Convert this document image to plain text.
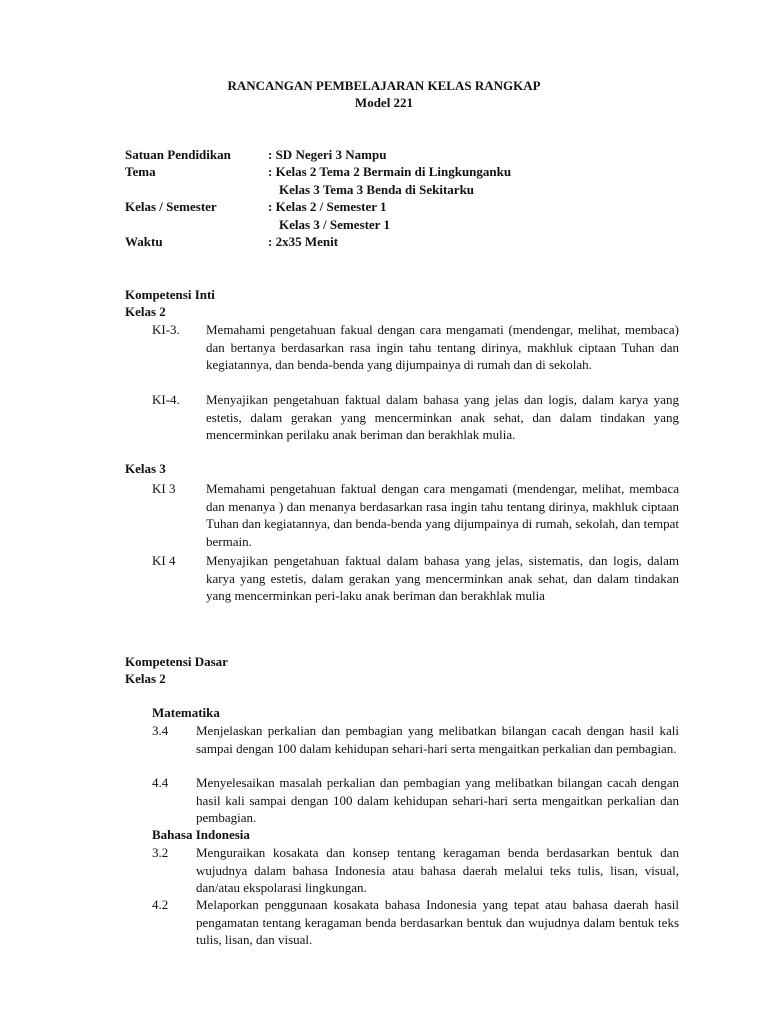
RANCANGAN PEMBELAJARAN KELAS RANGKAP
Model 221
Satuan Pendidikan	: SD Negeri 3 Nampu
Tema	: Kelas 2 Tema 2 Bermain di Lingkunganku
Kelas 3 Tema 3 Benda di Sekitarku
Kelas / Semester	: Kelas 2 / Semester 1
Kelas 3 / Semester 1
Waktu	: 2x35 Menit
Kompetensi Inti
Kelas 2
KI-3. Memahami pengetahuan fakual dengan cara mengamati (mendengar, melihat, membaca) dan bertanya berdasarkan rasa ingin tahu tentang dirinya, makhluk ciptaan Tuhan dan kegiatannya, dan benda-benda yang dijumpainya di rumah dan di sekolah.
KI-4. Menyajikan pengetahuan faktual dalam bahasa yang jelas dan logis, dalam karya yang estetis, dalam gerakan yang mencerminkan anak sehat, dan dalam tindakan yang mencerminkan perilaku anak beriman dan berakhlak mulia.
Kelas 3
KI 3 Memahami pengetahuan faktual dengan cara mengamati (mendengar, melihat, membaca dan menanya ) dan menanya berdasarkan rasa ingin tahu tentang dirinya, makhluk ciptaan Tuhan dan kegiatannya, dan benda-benda yang dijumpainya di rumah, sekolah, dan tempat bermain.
KI 4 Menyajikan pengetahuan faktual dalam bahasa yang jelas, sistematis, dan logis, dalam karya yang estetis, dalam gerakan yang mencerminkan anak sehat, dan dalam tindakan yang mencerminkan peri-laku anak beriman dan berakhlak mulia
Kompetensi Dasar
Kelas 2
Matematika
3.4 Menjelaskan perkalian dan pembagian yang melibatkan bilangan cacah dengan hasil kali sampai dengan 100 dalam kehidupan sehari-hari serta mengaitkan perkalian dan pembagian.
4.4 Menyelesaikan masalah perkalian dan pembagian yang melibatkan bilangan cacah dengan hasil kali sampai dengan 100 dalam kehidupan sehari-hari serta mengaitkan perkalian dan pembagian.
Bahasa Indonesia
3.2 Menguraikan kosakata dan konsep tentang keragaman benda berdasarkan bentuk dan wujudnya dalam bahasa Indonesia atau bahasa daerah melalui teks tulis, lisan, visual, dan/atau ekspolarasi lingkungan.
4.2 Melaporkan penggunaan kosakata bahasa Indonesia yang tepat atau bahasa daerah hasil pengamatan tentang keragaman benda berdasarkan bentuk dan wujudnya dalam bentuk teks tulis, lisan, dan visual.
